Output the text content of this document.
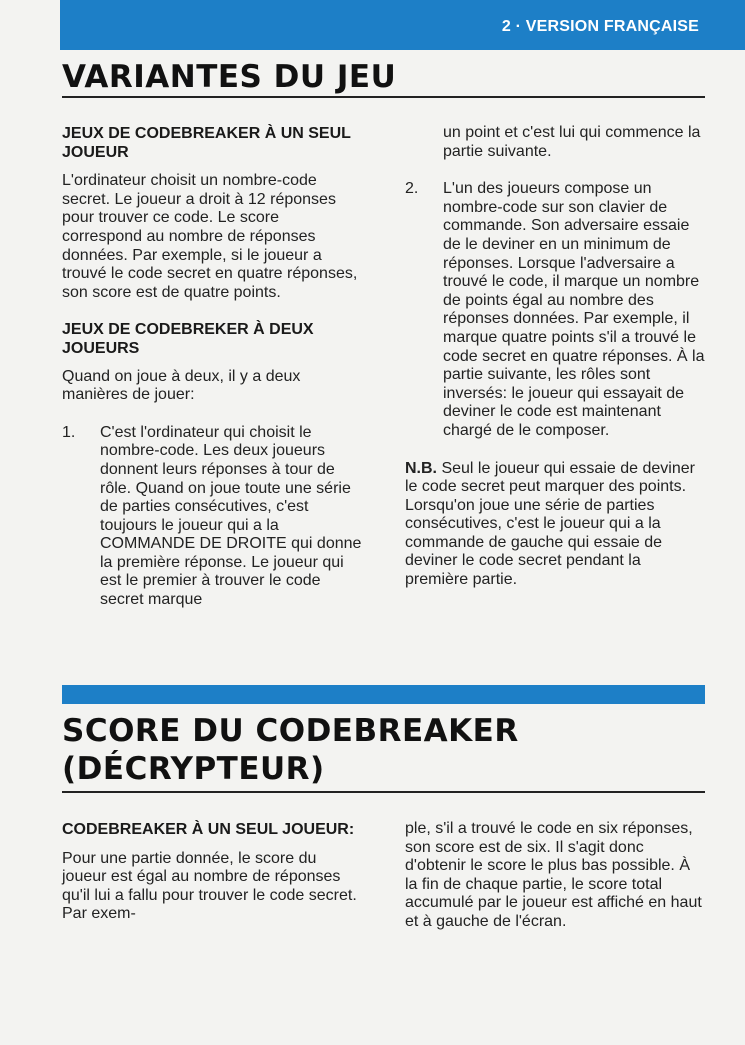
2 · VERSION FRANÇAISE
VARIANTES DU JEU
JEUX DE CODEBREAKER À UN SEUL JOUEUR

L'ordinateur choisit un nombre-code secret. Le joueur a droit à 12 réponses pour trouver ce code. Le score correspond au nombre de réponses données. Par exemple, si le joueur a trouvé le code secret en quatre réponses, son score est de quatre points.

JEUX DE CODEBREKER À DEUX JOUEURS

Quand on joue à deux, il y a deux manières de jouer:

1.	C'est l'ordinateur qui choisit le nombre-code. Les deux joueurs donnent leurs réponses à tour de rôle. Quand on joue toute une série de parties consécutives, c'est toujours le joueur qui a la COMMANDE DE DROITE qui donne la première réponse. Le joueur qui est le premier à trouver le code secret marque

un point et c'est lui qui commence la partie suivante.

2.	L'un des joueurs compose un nombre-code sur son clavier de commande. Son adversaire essaie de le deviner en un minimum de réponses. Lorsque l'adversaire a trouvé le code, il marque un nombre de points égal au nombre des réponses données. Par exemple, il marque quatre points s'il a trouvé le code secret en quatre réponses. À la partie suivante, les rôles sont inversés: le joueur qui essayait de deviner le code est maintenant chargé de le composer.

N.B. Seul le joueur qui essaie de deviner le code secret peut marquer des points. Lorsqu'on joue une série de parties consécutives, c'est le joueur qui a la commande de gauche qui essaie de deviner le code secret pendant la première partie.

SCORE DU CODEBREAKER (DÉCRYPTEUR)
CODEBREAKER À UN SEUL JOUEUR:

Pour une partie donnée, le score du joueur est égal au nombre de réponses qu'il lui a fallu pour trouver le code secret. Par exem-

ple, s'il a trouvé le code en six réponses, son score est de six. Il s'agit donc d'obtenir le score le plus bas possible. À la fin de chaque partie, le score total accumulé par le joueur est affiché en haut et à gauche de l'écran.
